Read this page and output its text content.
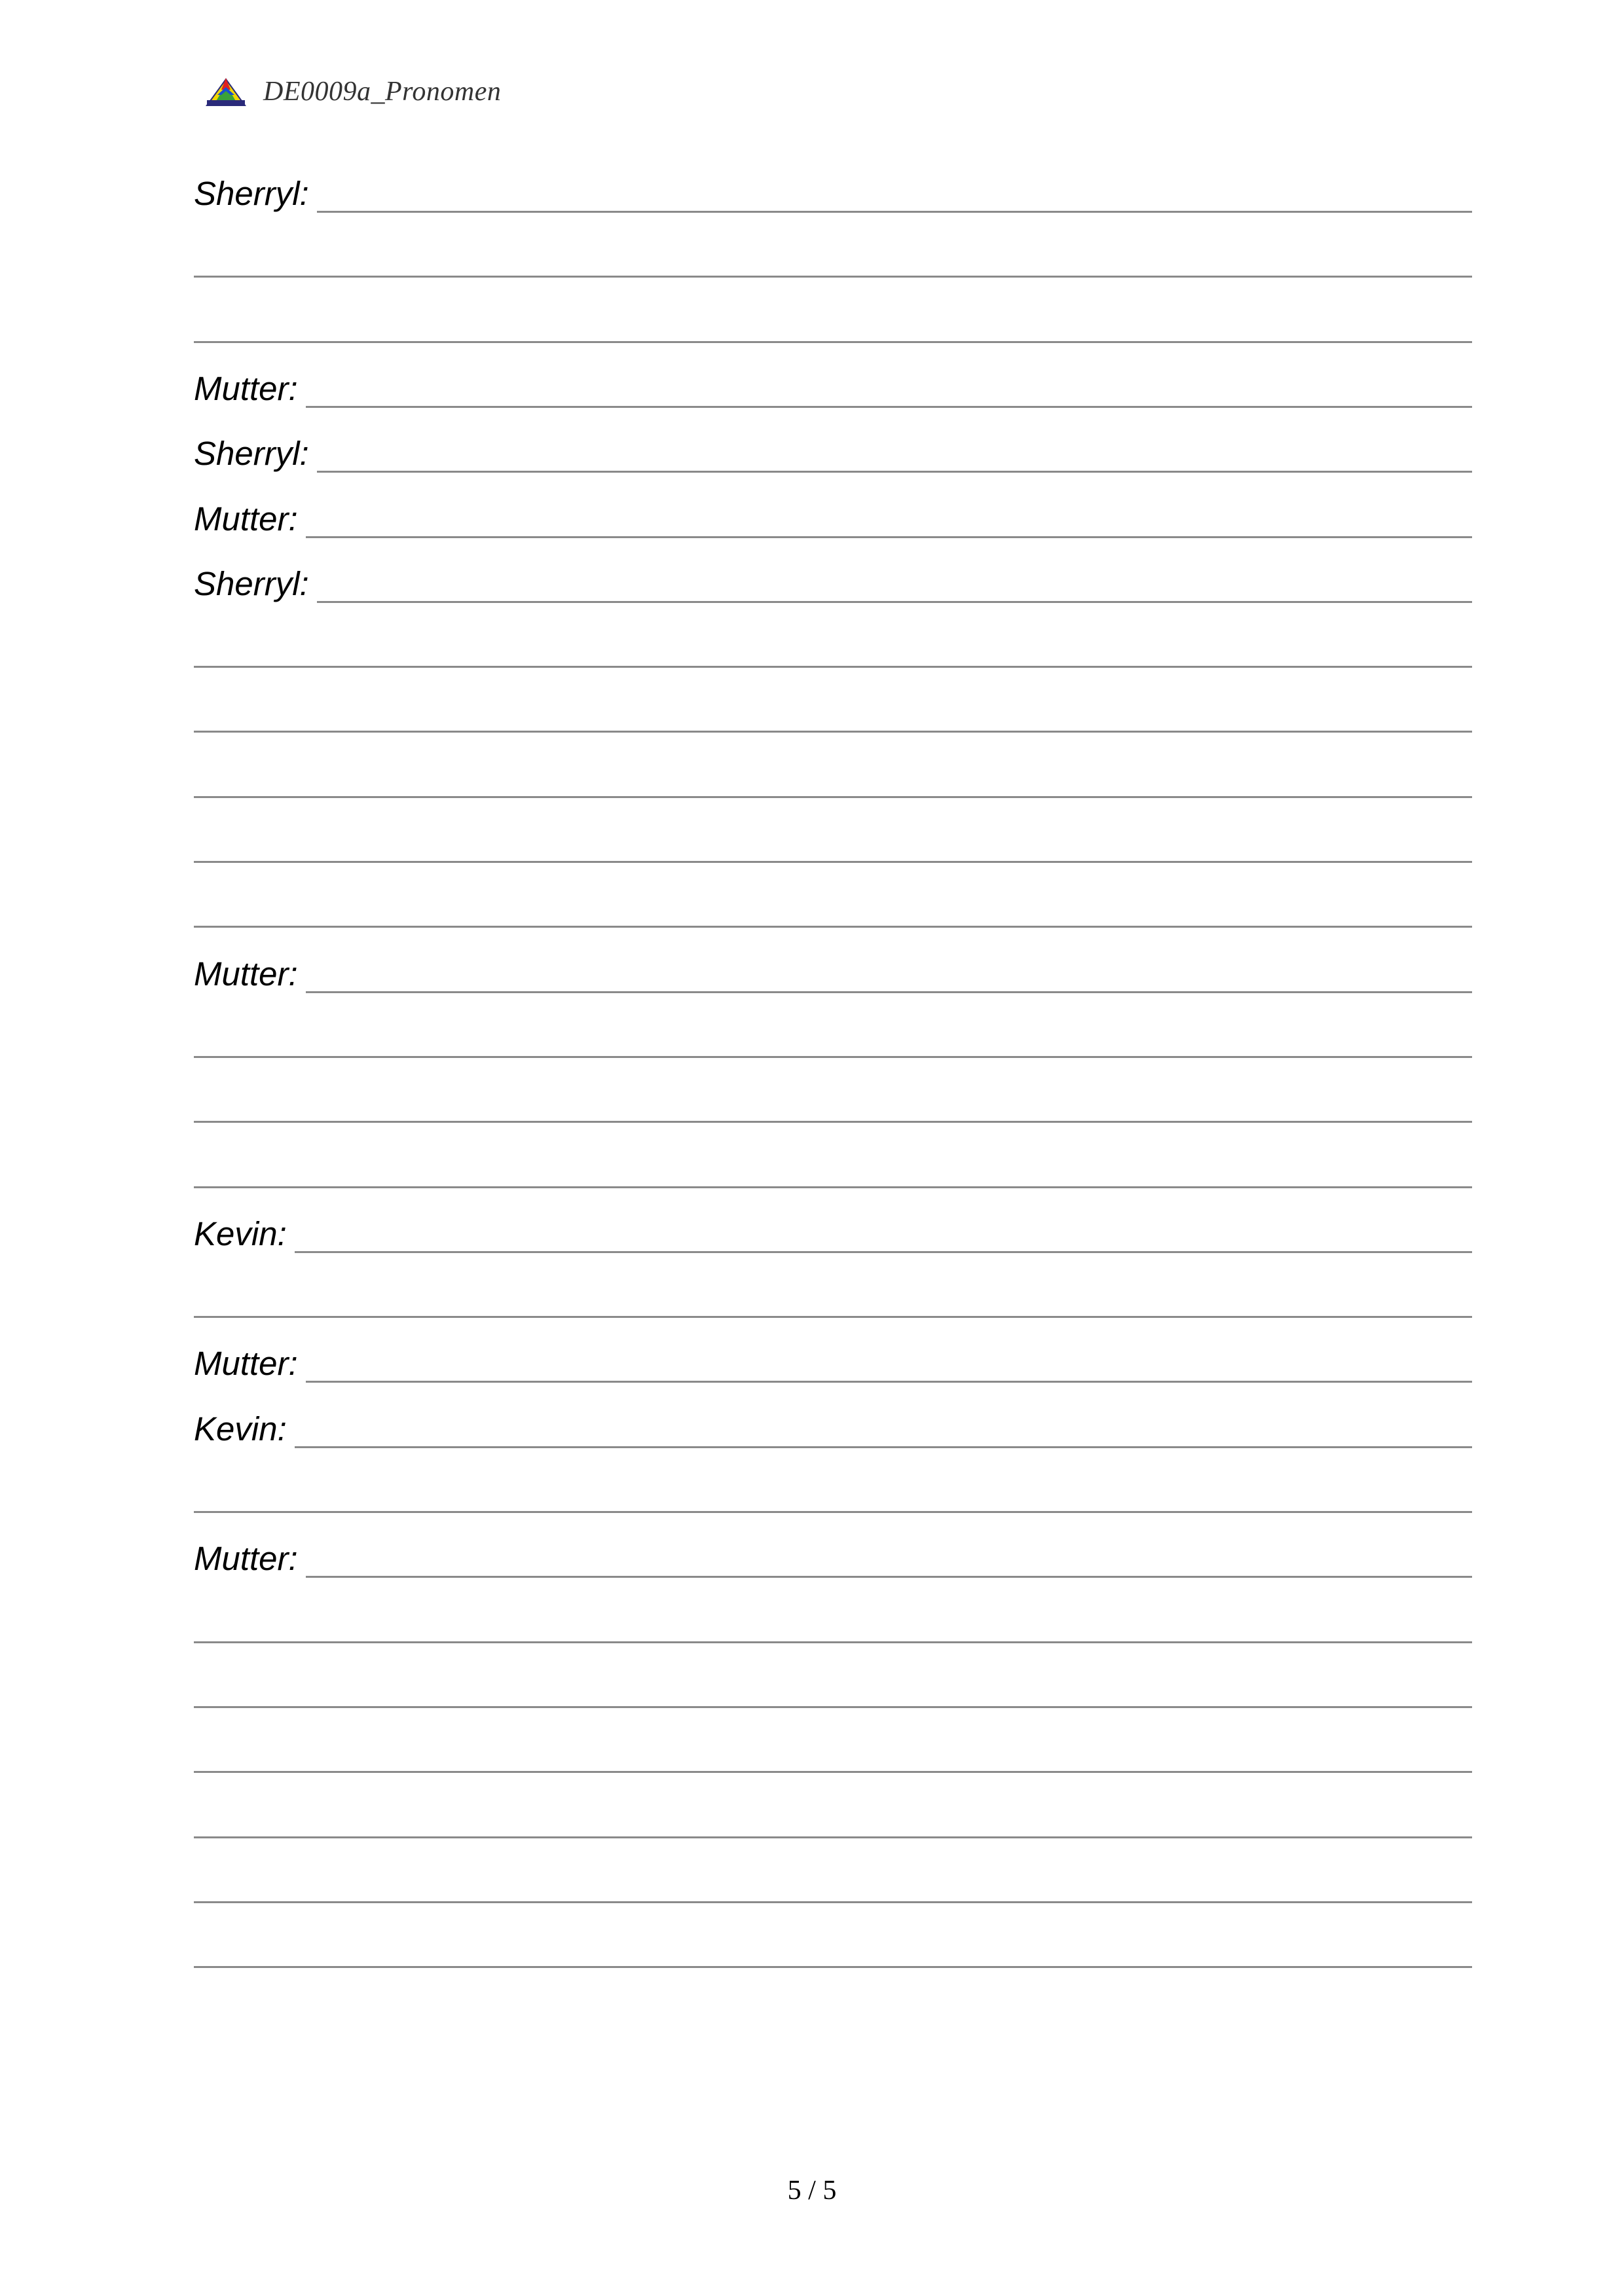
DE0009a_Pronomen
Sherryl:
Mutter:
Sherryl:
Mutter:
Sherryl:
Mutter:
Kevin:
Mutter:
Kevin:
Mutter:
5 / 5
